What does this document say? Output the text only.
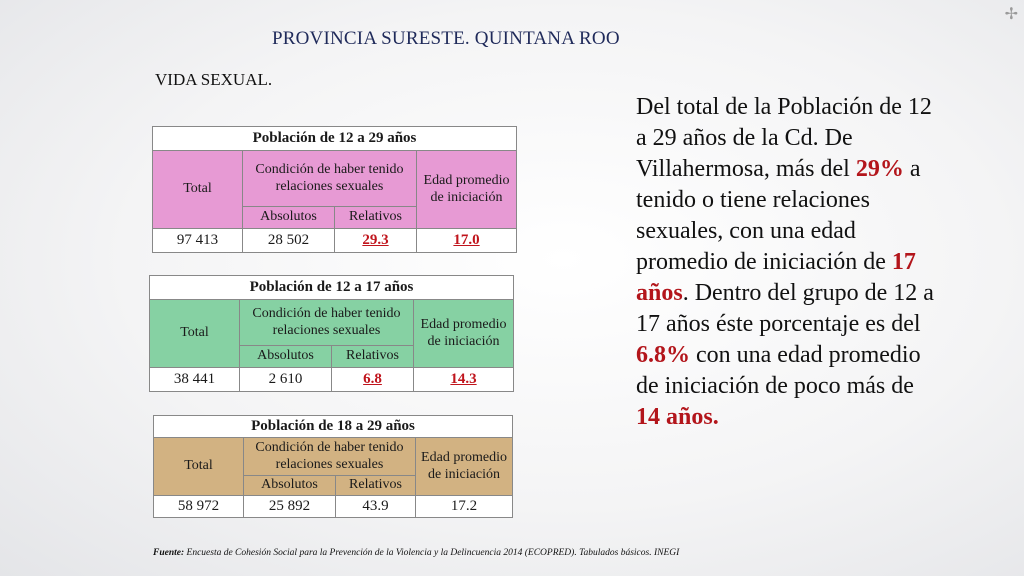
PROVINCIA SURESTE. QUINTANA ROO
VIDA SEXUAL.
✢
Población de 12 a 29 años			
Total	Condición de haber tenido relaciones sexuales		Edad promedio de iniciación
	Absolutos	Relativos	
97 413	28 502	29.3	17.0
Población de 12 a 17 años			
Total	Condición de haber tenido relaciones sexuales		Edad promedio de iniciación
	Absolutos	Relativos	
38 441	2 610	6.8	14.3
Población de 18 a 29 años			
Total	Condición de haber tenido relaciones sexuales		Edad promedio de iniciación
	Absolutos	Relativos	
58 972	25 892	43.9	17.2
Del total de la Población de 12 a 29 años de la Cd. De Villahermosa, más del 29% a tenido o tiene relaciones sexuales, con una edad promedio de iniciación de 17 años. Dentro del grupo de 12 a 17 años éste porcentaje es del 6.8% con una edad promedio de iniciación de poco más de 14 años.
Fuente: Encuesta de Cohesión Social para la Prevención de la Violencia y la Delincuencia 2014 (ECOPRED). Tabulados básicos. INEGI
